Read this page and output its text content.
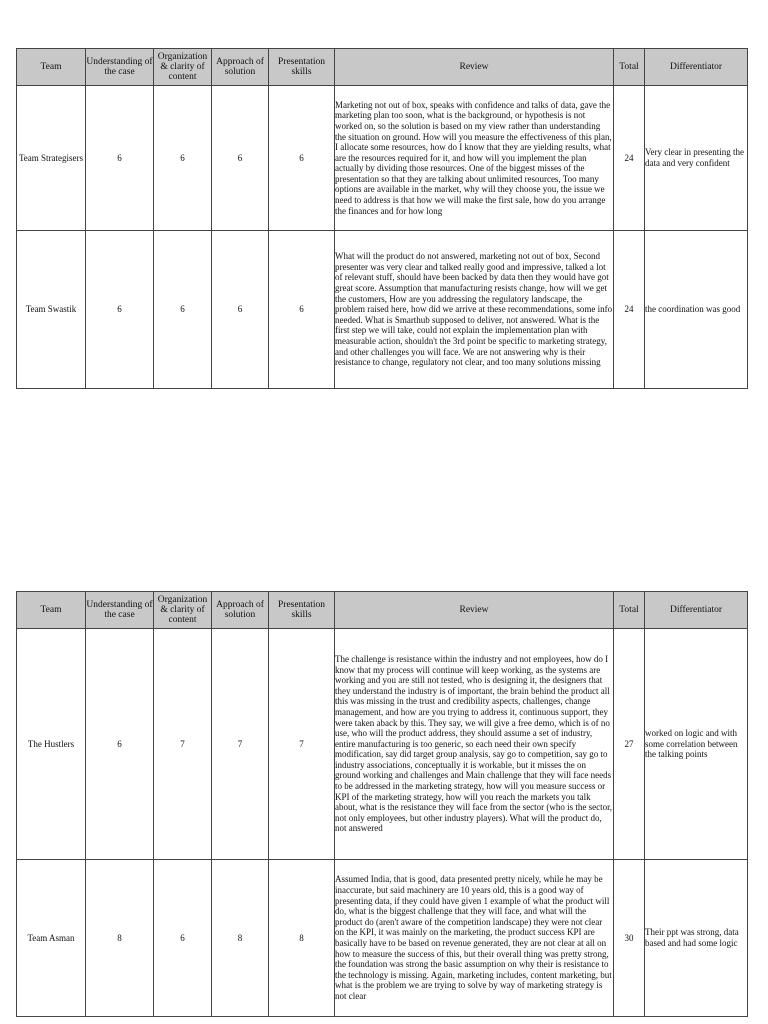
Team	Understanding of the case	Organization & clarity of content	Approach of solution	Presentation skills	Review	Total	Differentiator
Team Strategisers	6	6	6	6	Marketing not out of box, speaks with confidence and talks of data, gave the marketing plan too soon, what is the background, or hypothesis is not worked on, so the solution is based on my view rather than understanding the situation on ground. How will you measure the effectiveness of this plan, I allocate some resources, how do I know that they are yielding results, what are the resources required for it, and how will you implement the plan actually by dividing those resources. One of the biggest misses of the presentation so that they are talking about unlimited resources, Too many options are available in the market, why will they choose you, the issue we need to address is that how we will make the first sale, how do you arrange the finances and for how long	24	Very clear in presenting the data and very confident
Team Swastik	6	6	6	6	What will the product do not answered, marketing not out of box, Second presenter was very clear and talked really good and impressive, talked a lot of relevant stuff, should have been backed by data then they would have got great score. Assumption that manufacturing resists change, how will we get the customers, How are you addressing the regulatory landscape, the problem raised here, how did we arrive at these recommendations, some info needed. What is Smarthub supposed to deliver, not answered. What is the first step we will take, could not explain the implementation plan with measurable action, shouldn't the 3rd point be specific to marketing strategy, and other challenges you will face. We are not answering why is their resistance to change, regulatory not clear, and too many solutions missing	24	the coordination was good
Team	Understanding of the case	Organization & clarity of content	Approach of solution	Presentation skills	Review	Total	Differentiator
The Hustlers	6	7	7	7	The challenge is resistance within the industry and not employees, how do I know that my process will continue will keep working, as the systems are working and you are still not tested, who is designing it, the designers that they understand the industry is of important, the brain behind the product all this was missing in the trust and credibility aspects, challenges, change management, and how are you trying to address it, continuous support, they were taken aback by this. They say, we will give a free demo, which is of no use, who will the product address, they should assume a set of industry, entire manufacturing is too generic, so each need their own specify modification, say did target group analysis, say go to competition, say go to industry associations, conceptually it is workable, but it misses the on ground working and challenges and Main challenge that they will face needs to be addressed in the marketing strategy, how will you measure success or KPI of the marketing strategy, how will you reach the markets you talk about, what is the resistance they will face from the sector (who is the sector, not only employees, but other industry players). What will the product do, not answered	27	worked on logic and with some correlation between the talking points
Team Asman	8	6	8	8	Assumed India, that is good, data presented pretty nicely, while he may be inaccurate, but said machinery are 10 years old, this is a good way of presenting data, if they could have given 1 example of what the product will do, what is the biggest challenge that they will face, and what will the product do (aren't aware of the competition landscape) they were not clear on the KPI, it was mainly on the marketing, the product success KPI are basically have to be based on revenue generated, they are not clear at all on how to measure the success of this, but their overall thing was pretty strong, the foundation was strong the basic assumption on why their is resistance to the technology is missing. Again, marketing includes, content marketing, but what is the problem we are trying to solve by way of marketing strategy is not clear	30	Their ppt was strong, data based and had some logic
